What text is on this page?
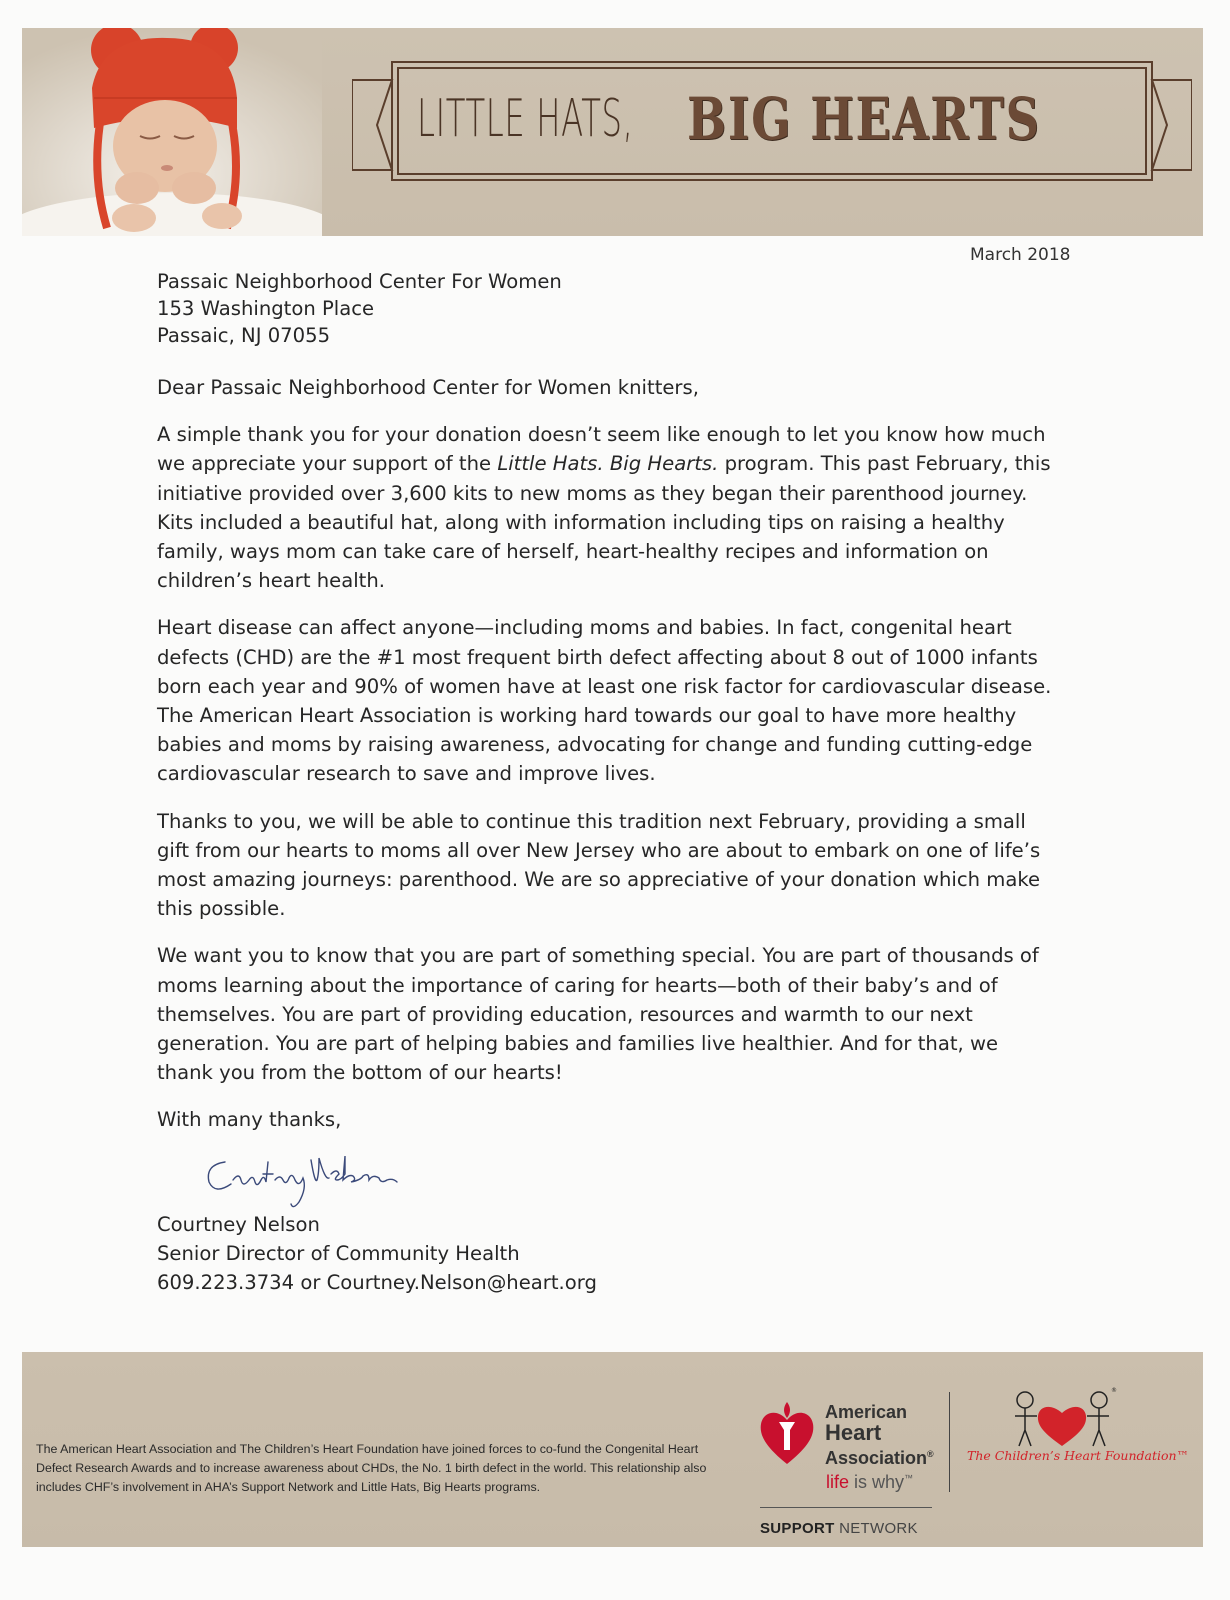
LITTLE HATS, BIG HEARTS
March 2018

Passaic Neighborhood Center For Women
153 Washington Place
Passaic, NJ 07055

Dear Passaic Neighborhood Center for Women knitters,

A simple thank you for your donation doesn’t seem like enough to let you know how much we appreciate your support of the Little Hats. Big Hearts. program. This past February, this initiative provided over 3,600 kits to new moms as they began their parenthood journey. Kits included a beautiful hat, along with information including tips on raising a healthy family, ways mom can take care of herself, heart-healthy recipes and information on children’s heart health.

Heart disease can affect anyone—including moms and babies. In fact, congenital heart defects (CHD) are the #1 most frequent birth defect affecting about 8 out of 1000 infants born each year and 90% of women have at least one risk factor for cardiovascular disease. The American Heart Association is working hard towards our goal to have more healthy babies and moms by raising awareness, advocating for change and funding cutting-edge cardiovascular research to save and improve lives.

Thanks to you, we will be able to continue this tradition next February, providing a small gift from our hearts to moms all over New Jersey who are about to embark on one of life’s most amazing journeys: parenthood. We are so appreciative of your donation which make this possible.

We want you to know that you are part of something special. You are part of thousands of moms learning about the importance of caring for hearts—both of their baby’s and of themselves. You are part of providing education, resources and warmth to our next generation. You are part of helping babies and families live healthier. And for that, we thank you from the bottom of our hearts!

With many thanks,

Courtney Nelson
Senior Director of Community Health
609.223.3734 or Courtney.Nelson@heart.org
The American Heart Association and The Children’s Heart Foundation have joined forces to co-fund the Congenital Heart Defect Research Awards and to increase awareness about CHDs, the No. 1 birth defect in the world. This relationship also includes CHF’s involvement in AHA’s Support Network and Little Hats, Big Hearts programs.
American
Heart
Association®
life is why™
SUPPORT NETWORK
®
The Children’s Heart Foundation™
